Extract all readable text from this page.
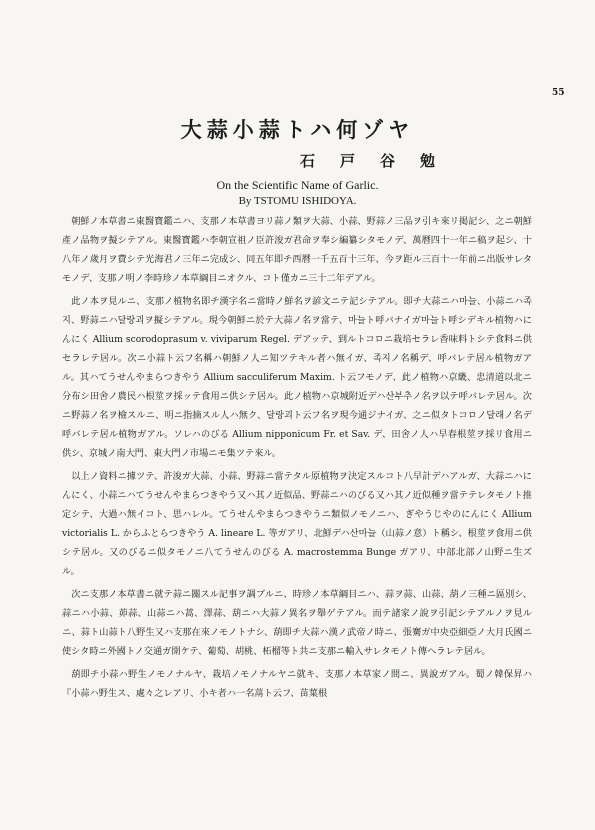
55
大蒜小蒜トハ何ゾヤ
石戸谷勉
On the Scientific Name of Garlic.
By TSTOMU ISHIDOYA.

朝鮮ノ本草書ニ東醫寶鑑ニハ、支那ノ本草書ヨリ蒜ノ類ヲ大蒜、小蒜、野蒜ノ三品ヲ引キ來リ掲記シ、之ニ朝鮮產ノ品物ヲ擬シテアル。東醫寶鑑ハ李朝宣祖ノ臣許浚ガ君命ヲ奉シ編纂シタモノデ、萬曆四十一年ニ稿ヲ起シ、十八年ノ歲月ヲ費シテ光海君ノ三年ニ完成シ、同五年即チ西曆一千五百十三年、今ヲ距ル三百十一年前ニ出版サレタモノデ、支那ノ明ノ李時珍ノ本草綱目ニオクル、コト僅カニ三十二年デアル。

此ノ本ヲ見ルニ、支那ノ植物名即チ漢字名ニ當時ノ鮮名ヲ諺文ニテ記シテアル。即チ大蒜ニハ마늘、小蒜ニハ족지、野蒜ニハ달랑괴ヲ擬シテアル。現今朝鮮ニ於テ大蒜ノ名ヲ當テ、마늘ト呼バナイガ마늘ト呼シデキル植物ハにんにく Allium scorodoprasum v. viviparum Regel. デアッテ、到ルトコロニ栽培セラレ香味料トシテ食料ニ供セラレテ居ル。次ニ小蒜ト云フ名稱ハ朝鮮ノ人ニ知ツテキル者ハ無イガ、족지ノ名稱デ、呼バレテ居ル植物ガアル。其ハてうせんやまらつきやう Allium sacculiferum Maxim. ト云フモノデ、此ノ植物ハ京畿、忠清道以北ニ分布シ田舍ノ農民ハ根莖ヲ採ッテ食用ニ供シテ居ル。此ノ植物ハ京城附近デハ산부추ノ名ヲ以テ呼バレテ居ル。次ニ野蒜ノ名ヲ檢スルニ、明ニ指摘スル人ハ無ク、달랑괴ト云フ名ヲ現今通ジナイガ、之ニ似タトコロノ달래ノ名デ呼バレテ居ル植物ガアル。ソレハのびる Allium nipponicum Fr. et Sav. デ、田舍ノ人ハ早春根莖ヲ採リ食用ニ供シ、京城ノ南大門、東大門ノ市場ニモ集ツテ來ル。

以上ノ資料ニ據ツテ、許浚ガ大蒜、小蒜、野蒜ニ當テタル原植物ヲ決定スルコト八早計デハアルガ、大蒜ニハにんにく、小蒜ニハてうせんやまらつきやう又ハ其ノ近似品、野蒜ニハのびる又ハ其ノ近似種ヲ當テテレタモノト推定シテ、大過ハ無イコト、思ハレル。てうせんやまらつきやうニ類似ノモノニハ、ぎやうじやのにんにく Allium victorialis L. からふとらつきやう A. lineare L. 等ガアリ、北鮮デハ산마늘（山蒜ノ意）ト稱シ、根莖ヲ食用ニ供シテ居ル。又のびるニ似タモノニ八てうせんのびる A. macrostemma Bunge ガアリ、中部北部ノ山野ニ生ズル。

次ニ支那ノ本草書ニ就テ蒜ニ關スル記事ヲ調ブルニ、時珍ノ本草綱目ニハ、蒜ヲ蒜、山蒜、葫ノ三種ニ區別シ、蒜ニハ小蒜、茆蒜、山蒜ニハ蒿、澤蒜、葫ニハ大蒜ノ異名ヲ舉ゲテアル。而テ諸家ノ說ヲ引記シテアルノヲ見ルニ、蒜ト山蒜ト八野生又ハ支那在來ノモノトナシ、葫即チ大蒜ハ漢ノ武帝ノ時ニ、張騫ガ中央亞細亞ノ大月氏國ニ使シタ時ニ外國トノ交通ガ開ケテ、葡萄、胡桃、柘榴等ト共ニ支那ニ輸入サレタモノト傳ヘラレテ居ル。

葫即チ小蒜ハ野生ノモノナルヤ、栽培ノモノナルヤニ就キ、支那ノ本草家ノ間ニ、異說ガアル。蜀ノ韓保昇ハ『小蒜ハ野生ス、處々之レアリ、小キ者ハ一名蒚ト云フ、苗葉根
